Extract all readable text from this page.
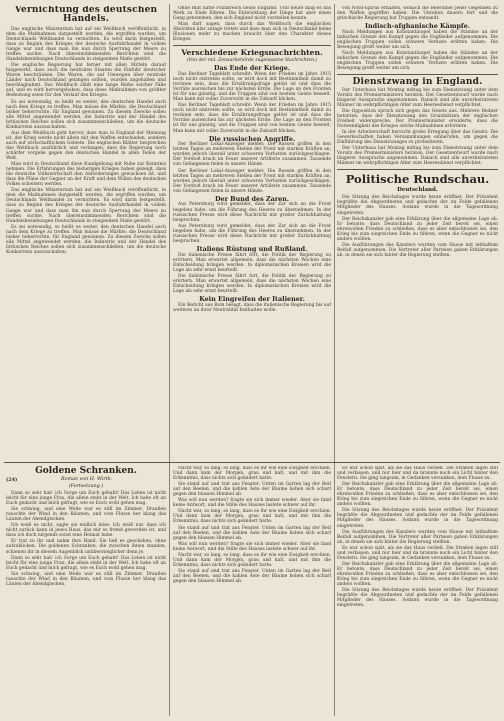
Vernichtung des deutschen Handels.

Das englische Ministerium hat auf ein Weißbuch veröffentlicht, in dem die Maßnahmen dargestellt werden, die ergriffen wurden, um Deutschlands Welthandel zu vernichten. Es wird darin festgestellt, dass zu Beginn des Krieges der deutsche Ausfuhrhandel in vollem Gange war und dass man ihn nun durch Sperrung der Meere zu treffen suchte. Nach übereinstimmenden Berichten sind die Handelsbeziehungen Deutschlands in steigendem Maße gestört.

Die englische Regierung hat ferner mit allen Mitteln darauf hingewirkt, dass auch die neutralen Staaten die Einfuhr deutscher Waren beschränken. Die Waren, die auf Umwegen über neutrale Länder nach Deutschland gelangen sollten, wurden angehalten und beschlagnahmt. Das Weißbuch zählt eine lange Reihe solcher Fälle auf, und es wird hervorgehoben, dass diese Maßnahmen von größter Bedeutung seien für den Verlauf des Krieges.

Es sei notwendig, so heißt es weiter, den deutschen Handel auch nach dem Kriege zu treffen. Man müsse die Märkte, die Deutschland bisher beherrschte, für England gewinnen. Zu diesem Zwecke sollen alle Mittel angewendet werden, die Industrie und der Handel des britischen Reiches sollen sich zusammenschließen, um die deutsche Konkurrenz auszuschalten.

Aus dem Weißbuch geht hervor, dass man in England der Meinung ist, der Krieg werde nicht allein mit den Waffen entschieden, sondern auch auf wirtschaftlichem Gebiete. Die englischen Blätter besprechen das Weißbuch ausführlich und verlangen, dass die Regierung noch schärfer vorgehe gegen den deutschen Handel in allen Teilen der Welt.

Man wird in Deutschland diese Kundgebung mit Ruhe zur Kenntnis nehmen. Die Erfahrungen des bisherigen Krieges haben gezeigt, dass die deutsche Volkswirtschaft den Anforderungen gewachsen ist, und dass die Pläne der Gegner an der Kraft und dem Willen des deutschen Volkes scheitern werden.

Das englische Ministerium hat auf ein Weißbuch veröffentlicht, in dem die Maßnahmen dargestellt werden, die ergriffen wurden, um Deutschlands Welthandel zu vernichten. Es wird darin festgestellt, dass zu Beginn des Krieges der deutsche Ausfuhrhandel in vollem Gange war und dass man ihn nun durch Sperrung der Meere zu treffen suchte. Nach übereinstimmenden Berichten sind die Handelsbeziehungen Deutschlands in steigendem Maße gestört.

Es sei notwendig, so heißt es weiter, den deutschen Handel auch nach dem Kriege zu treffen. Man müsse die Märkte, die Deutschland bisher beherrschte, für England gewinnen. Zu diesem Zwecke sollen alle Mittel angewendet werden, die Industrie und der Handel des britischen Reiches sollen sich zusammenschließen, um die deutsche Konkurrenz auszuschalten.

Goldene Schranken.
(24)	Roman von H. Wirth.
(Fortsetzung.)

Dann so sehr hab' ich Sorge um Euch gehabt! Das Leben ist nicht leicht für eine junge Frau, die allein steht in der Welt. Ich habe oft an Euch gedacht und mich gefragt, wie es Euch wohl gehen mag.

Sie schwieg, und eine Weile war es still im Zimmer. Draußen rauschte der Wind in den Bäumen, und vom Flusse her klang das Läuten der Abendglocken.

Ich weiß es nicht, sagte sie endlich leise. Ich weiß nur, dass ich nicht zurück kann in jenes Haus, das mir so fremd geworden ist, und dass ich doch nirgends sonst eine Heimat habe.

Er trat zu ihr und nahm ihre Hand. Sie ließ es geschehen, ohne aufzublicken. Die goldenen Schranken, die zwischen ihnen standen, schienen ihr in diesem Augenblick unübersteiglicher denn je.

Dann so sehr hab' ich Sorge um Euch gehabt! Das Leben ist nicht leicht für eine junge Frau, die allein steht in der Welt. Ich habe oft an Euch gedacht und mich gefragt, wie es Euch wohl gehen mag.

Sie schwieg, und eine Weile war es still im Zimmer. Draußen rauschte der Wind in den Bäumen, und vom Flusse her klang das Läuten der Abendglocken.

Ohne Blut hätte Frankreich heute England. Und heute mag es das Werk zu Ende führen. Die Entwicklung der Dinge hat aber einen Gang genommen, den sich England nicht vorstellen konnte.

Man darf sagen, dass durch das Weißbuch die englischen Absichten klar zutage treten und dass man sich in Deutschland keine Illusionen mehr zu machen braucht über den Charakter dieses Krieges.

Verschiedene Kriegsnachrichten.
(Von der mil. Zensurbehörde zugelassene Nachrichten.)
Das Ende der Kriege.

Das Berliner Tageblatt schreibt: Wenn der Frieden im Jahre 1915 noch nicht eintreten sollte, so wird doch mit Bestimmtheit damit zu rechnen sein, dass die Ernährungsfrage gelöst ist und dass die Vorräte ausreichen bis zur nächsten Ernte. Die Lage an den Fronten ist für uns günstig, und die Truppen sind von bestem Geiste beseelt. Man kann mit voller Zuversicht in die Zukunft blicken.

Das Berliner Tageblatt schreibt: Wenn der Frieden im Jahre 1915 noch nicht eintreten sollte, so wird doch mit Bestimmtheit damit zu rechnen sein, dass die Ernährungsfrage gelöst ist und dass die Vorräte ausreichen bis zur nächsten Ernte. Die Lage an den Fronten ist für uns günstig, und die Truppen sind von bestem Geiste beseelt. Man kann mit voller Zuversicht in die Zukunft blicken.

Die russischen Angriffe.

Der Berliner Lokal-Anzeiger meldet: Die Russen griffen in den letzten Tagen an mehreren Stellen der Front mit starken Kräften an, wurden jedoch überall unter schweren Verlusten zurückgeschlagen. Der Vorstoß brach im Feuer unserer Artillerie zusammen. Tausende von Gefangenen fielen in unsere Hände.

Der Berliner Lokal-Anzeiger meldet: Die Russen griffen in den letzten Tagen an mehreren Stellen der Front mit starken Kräften an, wurden jedoch überall unter schweren Verlusten zurückgeschlagen. Der Vorstoß brach im Feuer unserer Artillerie zusammen. Tausende von Gefangenen fielen in unsere Hände.

Der Bund des Zaren.

Aus Petersburg wird gemeldet, dass der Zar sich an die Front begeben habe, um die Führung des Heeres zu übernehmen. In der russischen Presse wird diese Nachricht mit großer Zurückhaltung besprochen.

Aus Petersburg wird gemeldet, dass der Zar sich an die Front begeben habe, um die Führung des Heeres zu übernehmen. In der russischen Presse wird diese Nachricht mit großer Zurückhaltung besprochen.

Italiens Rüstung und Rußland.

Die italienische Presse fährt fort, die Politik der Regierung zu erörtern. Man erwartet allgemein, dass die nächsten Wochen eine Entscheidung bringen werden. In diplomatischen Kreisen wird die Lage als sehr ernst beurteilt.

Die italienische Presse fährt fort, die Politik der Regierung zu erörtern. Man erwartet allgemein, dass die nächsten Wochen eine Entscheidung bringen werden. In diplomatischen Kreisen wird die Lage als sehr ernst beurteilt.

Kein Eingreifen der Italiener.

Ein Bericht aus Rom besagt, dass die italienische Regierung bis auf weiteres an ihrer Neutralität festhalten wolle.

Nacht war, so lang, so lang, dass es ihr wie eine Ewigkeit erschien. Und dann kam der Morgen, grau und kalt, und mit ihm die Erkenntnis, dass nichts sich geändert hatte.

Sie stand auf und trat ans Fenster. Unten im Garten lag der Reif auf den Beeten, und die kahlen Äste der Bäume hoben sich scharf gegen den blassen Himmel ab.

Was soll nun werden? fragte sie sich immer wieder. Aber sie fand keine Antwort, und die Stille des Hauses lastete schwer auf ihr.

Nacht war, so lang, so lang, dass es ihr wie eine Ewigkeit erschien. Und dann kam der Morgen, grau und kalt, und mit ihm die Erkenntnis, dass nichts sich geändert hatte.

Sie stand auf und trat ans Fenster. Unten im Garten lag der Reif auf den Beeten, und die kahlen Äste der Bäume hoben sich scharf gegen den blassen Himmel ab.

Was soll nun werden? fragte sie sich immer wieder. Aber sie fand keine Antwort, und die Stille des Hauses lastete schwer auf ihr.

Nacht war, so lang, so lang, dass es ihr wie eine Ewigkeit erschien. Und dann kam der Morgen, grau und kalt, und mit ihm die Erkenntnis, dass nichts sich geändert hatte.

Sie stand auf und trat ans Fenster. Unten im Garten lag der Reif auf den Beeten, und die kahlen Äste der Bäume hoben sich scharf gegen den blassen Himmel ab.

von Nord-Epirus erhalten, wonach die Bewohner jener Gegenden zu den Waffen gegriffen haben. Die Unruhen dauern fort und die griechische Regierung hat Truppen entsandt.

Indisch-afghanische Kämpfe.

Nach Meldungen aus Konstantinopel haben die Stämme an der indischen Grenze den Kampf gegen die Engländer aufgenommen. Die englischen Truppen sollen schwere Verluste erlitten haben. Die Bewegung greift weiter um sich.

Nach Meldungen aus Konstantinopel haben die Stämme an der indischen Grenze den Kampf gegen die Engländer aufgenommen. Die englischen Truppen sollen schwere Verluste erlitten haben. Die Bewegung greift weiter um sich.

Dienstzwang in England.

Der Unterhaus hat Montag mittag bis zum Dienstzwang unter dem Vorsitz des Premierministers beraten. Der Gesetzentwurf wurde nach längerer Aussprache angenommen. Danach sind alle unverheirateten Männer im wehrpflichtigen Alter zum Heeresdienst verpflichtet.

Die Opposition sprach sich gegen das Gesetz aus. Mehrere Redner betonten, dass der Dienstzwang den Grundsätzen der englischen Freiheit widerspreche. Der Premierminister erwiderte, dass die Notwendigkeit des Krieges solche Maßnahmen erfordere.

In der Arbeiterschaft herrscht große Erregung über das Gesetz. Die Gewerkschaften haben Versammlungen einberufen, um gegen die Einführung des Dienstzwanges zu protestieren.

Der Unterhaus hat Montag mittag bis zum Dienstzwang unter dem Vorsitz des Premierministers beraten. Der Gesetzentwurf wurde nach längerer Aussprache angenommen. Danach sind alle unverheirateten Männer im wehrpflichtigen Alter zum Heeresdienst verpflichtet.

Politische Rundschau.
Deutschland.

Die Sitzung des Reichstages wurde heute eröffnet. Der Präsident begrüßte die Abgeordneten und gedachte der im Felde gefallenen Mitglieder des Hauses. Sodann wurde in die Tagesordnung eingetreten.

Der Reichskanzler gab eine Erklärung über die allgemeine Lage ab. Er betonte, dass Deutschland zu jeder Zeit bereit sei, einen ehrenvollen Frieden zu schließen, dass es aber entschlossen sei, den Krieg bis zum siegreichen Ende zu führen, wenn die Gegner es nicht anders wollten.

Die Ausführungen des Kanzlers wurden vom Hause mit lebhaftem Beifall aufgenommen. Die Vertreter aller Parteien gaben Erklärungen ab, in denen sie sich hinter die Regierung stellten.

Es war schon spät, als sie das Haus verließ. Die Straßen lagen still und verlassen, und nur hier und da brannte noch ein Licht hinter den Fenstern. Sie ging langsam, in Gedanken versunken, dem Flusse zu.

Der Reichskanzler gab eine Erklärung über die allgemeine Lage ab. Er betonte, dass Deutschland zu jeder Zeit bereit sei, einen ehrenvollen Frieden zu schließen, dass es aber entschlossen sei, den Krieg bis zum siegreichen Ende zu führen, wenn die Gegner es nicht anders wollten.

Die Sitzung des Reichstages wurde heute eröffnet. Der Präsident begrüßte die Abgeordneten und gedachte der im Felde gefallenen Mitglieder des Hauses. Sodann wurde in die Tagesordnung eingetreten.

Die Ausführungen des Kanzlers wurden vom Hause mit lebhaftem Beifall aufgenommen. Die Vertreter aller Parteien gaben Erklärungen ab, in denen sie sich hinter die Regierung stellten.

Es war schon spät, als sie das Haus verließ. Die Straßen lagen still und verlassen, und nur hier und da brannte noch ein Licht hinter den Fenstern. Sie ging langsam, in Gedanken versunken, dem Flusse zu.

Der Reichskanzler gab eine Erklärung über die allgemeine Lage ab. Er betonte, dass Deutschland zu jeder Zeit bereit sei, einen ehrenvollen Frieden zu schließen, dass es aber entschlossen sei, den Krieg bis zum siegreichen Ende zu führen, wenn die Gegner es nicht anders wollten.

Die Sitzung des Reichstages wurde heute eröffnet. Der Präsident begrüßte die Abgeordneten und gedachte der im Felde gefallenen Mitglieder des Hauses. Sodann wurde in die Tagesordnung eingetreten.
